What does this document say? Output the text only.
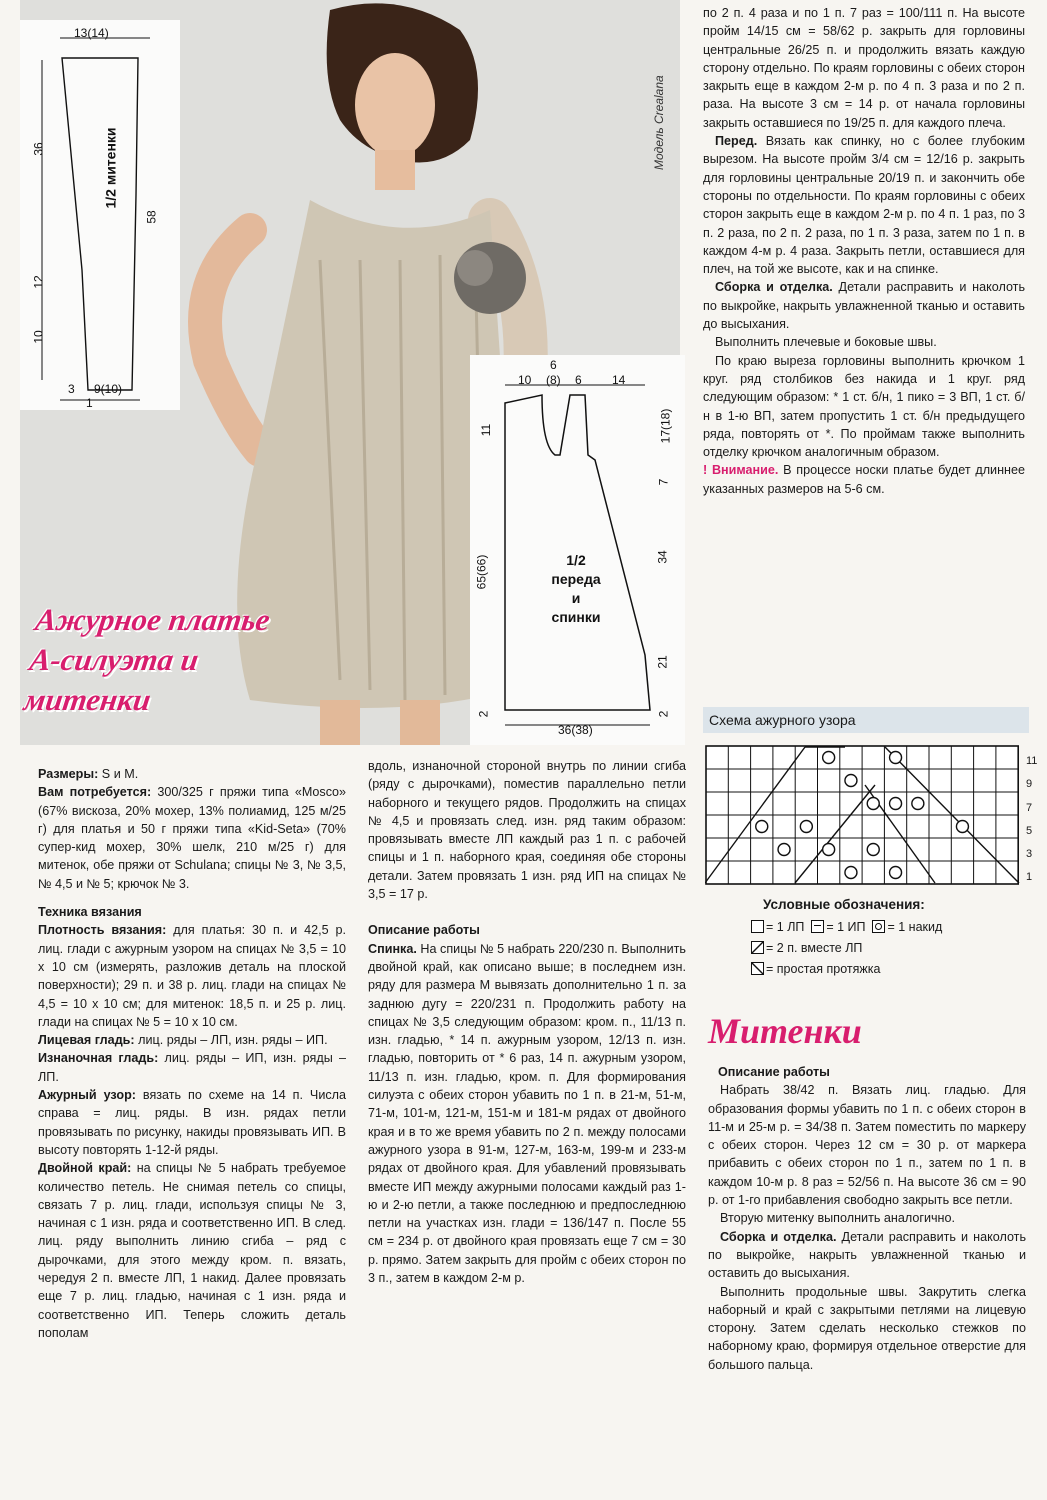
Модель Crealana
Ажурное платье
А-силуэта и
митенки
13(14)
36
12
10
1/2 митенки
58
3 9(10)
1
10 (8) 6	14
6
11
65(66)
2
17(18)
7
34
21
2
1/2
переда
и
спинки
36(38)

Размеры: S и M.

Вам потребуется: 300/325 г пряжи типа «Mosco» (67% вискоза, 20% мохер, 13% полиамид, 125 м/25 г) для платья и 50 г пряжи типа «Kid-Seta» (70% супер-кид мохер, 30% шелк, 210 м/25 г) для митенок, обе пряжи от Schulana; спицы № 3, № 3,5, № 4,5 и № 5; крючок № 3.

Техника вязания

Плотность вязания: для платья: 30 п. и 42,5 р. лиц. глади с ажурным узором на спицах № 3,5 = 10 х 10 см (измерять, разложив деталь на плоской поверхности); 29 п. и 38 р. лиц. глади на спицах № 4,5 = 10 х 10 см; для митенок: 18,5 п. и 25 р. лиц. глади на спицах № 5 = 10 х 10 см.

Лицевая гладь: лиц. ряды – ЛП, изн. ряды – ИП.

Изнаночная гладь: лиц. ряды – ИП, изн. ряды – ЛП.

Ажурный узор: вязать по схеме на 14 п. Числа справа = лиц. ряды. В изн. рядах петли провязывать по рисунку, накиды провязывать ИП. В высоту повторять 1-12-й ряды.

Двойной край: на спицы № 5 набрать требуемое количество петель. Не снимая петель со спицы, связать 7 р. лиц. глади, используя спицы № 3, начиная с 1 изн. ряда и соответственно ИП. В след. лиц. ряду выполнить линию сгиба – ряд с дырочками, для этого между кром. п. вязать, чередуя 2 п. вместе ЛП, 1 накид. Далее провязать еще 7 р. лиц. гладью, начиная с 1 изн. ряда и соответственно ИП. Теперь сложить деталь пополам

вдоль, изнаночной стороной внутрь по линии сгиба (ряду с дырочками), поместив параллельно петли наборного и текущего рядов. Продолжить на спицах № 4,5 и провязать след. изн. ряд таким образом: провязывать вместе ЛП каждый раз 1 п. с рабочей спицы и 1 п. наборного края, соединяя обе стороны детали. Затем провязать 1 изн. ряд ИП на спицах № 3,5 = 17 р.

Описание работы

Спинка. На спицы № 5 набрать 220/230 п. Выполнить двойной край, как описано выше; в последнем изн. ряду для размера М вывязать дополнительно 1 п. за заднюю дугу = 220/231 п. Продолжить работу на спицах № 3,5 следующим образом: кром. п., 11/13 п. изн. гладью, * 14 п. ажурным узором, 12/13 п. изн. гладью, повторить от * 6 раз, 14 п. ажурным узором, 11/13 п. изн. гладью, кром. п. Для формирования силуэта с обеих сторон убавить по 1 п. в 21-м, 51-м, 71-м, 101-м, 121-м, 151-м и 181-м рядах от двойного края и в то же время убавить по 2 п. между полосами ажурного узора в 91-м, 127-м, 163-м, 199-м и 233-м рядах от двойного края. Для убавлений провязывать вместе ИП между ажурными полосами каждый раз 1-ю и 2-ю петли, а также последнюю и предпоследнюю петли на участках изн. глади = 136/147 п. После 55 см = 234 р. от двойного края провязать еще 7 см = 30 р. прямо. Затем закрыть для пройм с обеих сторон по 3 п., затем в каждом 2-м р.

по 2 п. 4 раза и по 1 п. 7 раз = 100/111 п. На высоте пройм 14/15 см = 58/62 р. закрыть для горловины центральные 26/25 п. и продолжить вязать каждую сторону отдельно. По краям горловины с обеих сторон закрыть еще в каждом 2-м р. по 4 п. 3 раза и по 2 п. раза. На высоте 3 см = 14 р. от начала горловины закрыть оставшиеся по 19/25 п. для каждого плеча.

Перед. Вязать как спинку, но с более глубоким вырезом. На высоте пройм 3/4 см = 12/16 р. закрыть для горловины центральные 20/19 п. и закончить обе стороны по отдельности. По краям горловины с обеих сторон закрыть еще в каждом 2-м р. по 4 п. 1 раз, по 3 п. 2 раза, по 2 п. 2 раза, по 1 п. 3 раза, затем по 1 п. в каждом 4-м р. 4 раза. Закрыть петли, оставшиеся для плеч, на той же высоте, как и на спинке.

Сборка и отделка. Детали расправить и наколоть по выкройке, накрыть увлажненной тканью и оставить до высыхания.

Выполнить плечевые и боковые швы.

По краю выреза горловины выполнить крючком 1 круг. ряд столбиков без накида и 1 круг. ряд следующим образом: * 1 ст. б/н, 1 пико = 3 ВП, 1 ст. б/н в 1-ю ВП, затем пропустить 1 ст. б/н предыдущего ряда, повторять от *. По проймам также выполнить отделку крючком аналогичным образом.

! Внимание. В процессе носки платье будет длиннее указанных размеров на 5-6 см.

Схема ажурного узора
11
9
7
5
3
1
Условные обозначения:
= 1 ЛП = 1 ИП = 1 накид
= 2 п. вместе ЛП
= простая протяжка
Митенки

Описание работы

Набрать 38/42 п. Вязать лиц. гладью. Для образования формы убавить по 1 п. с обеих сторон в 11-м и 25-м р. = 34/38 п. Затем поместить по маркеру с обеих сторон. Через 12 см = 30 р. от маркера прибавить с обеих сторон по 1 п., затем по 1 п. в каждом 10-м р. 8 раз = 52/56 п. На высоте 36 см = 90 р. от 1-го прибавления свободно закрыть все петли.

Вторую митенку выполнить аналогично.

Сборка и отделка. Детали расправить и наколоть по выкройке, накрыть увлажненной тканью и оставить до высыхания.

Выполнить продольные швы. Закрутить слегка наборный и край с закрытыми петлями на лицевую сторону. Затем сделать несколько стежков по наборному краю, формируя отдельное отверстие для большого пальца.
